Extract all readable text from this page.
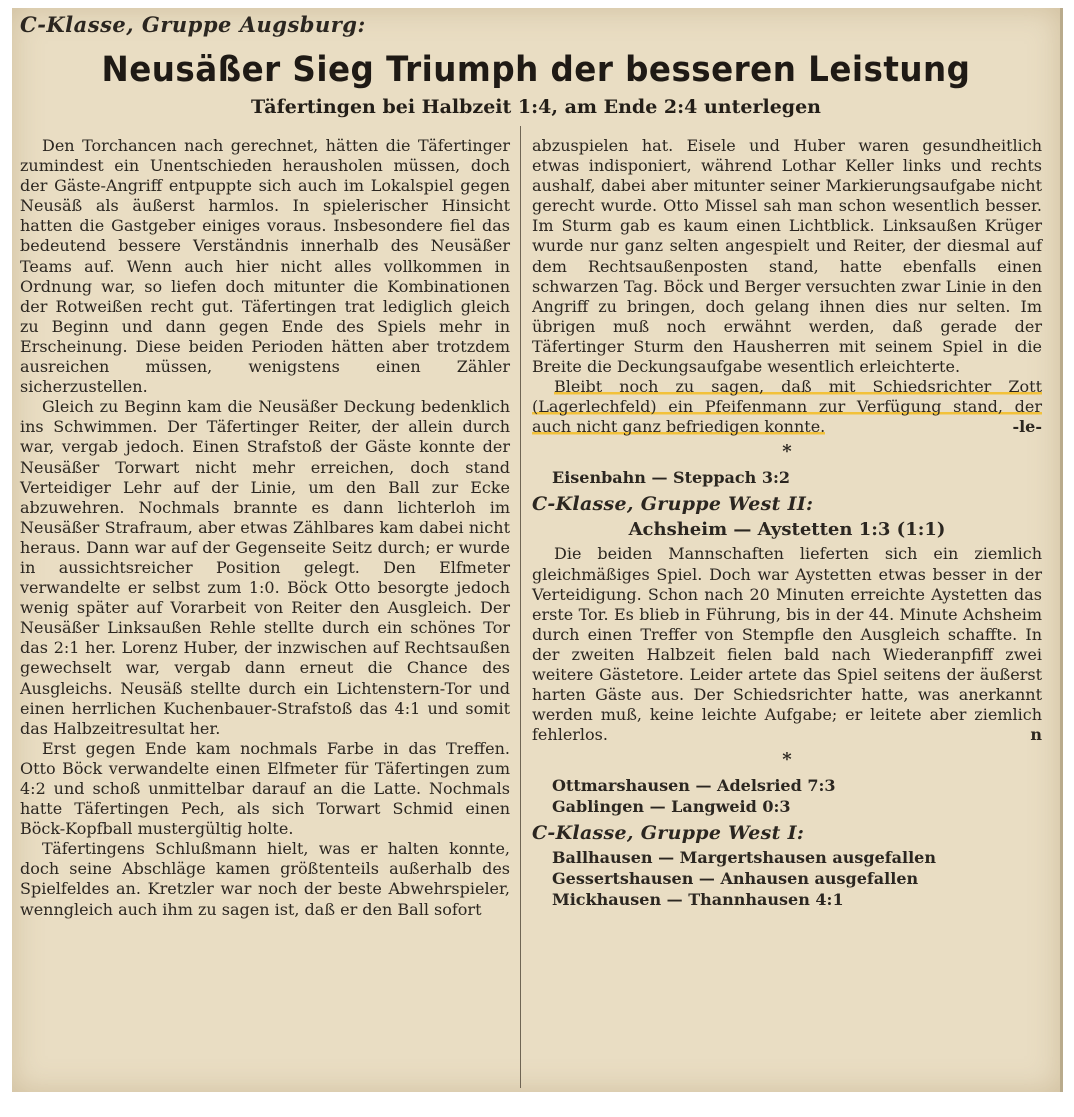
C-Klasse, Gruppe Augsburg:
Neusäßer Sieg Triumph der besseren Leistung
Täfertingen bei Halbzeit 1:4, am Ende 2:4 unterlegen

Den Torchancen nach gerechnet, hätten die Täfertinger zumindest ein Unentschieden herausholen müssen, doch der Gäste-Angriff entpuppte sich auch im Lokalspiel gegen Neusäß als äußerst harmlos. In spielerischer Hinsicht hatten die Gastgeber einiges voraus. Insbesondere fiel das bedeutend bessere Verständnis innerhalb des Neusäßer Teams auf. Wenn auch hier nicht alles vollkommen in Ordnung war, so liefen doch mitunter die Kombinationen der Rotweißen recht gut. Täfertingen trat lediglich gleich zu Beginn und dann gegen Ende des Spiels mehr in Erscheinung. Diese beiden Perioden hätten aber trotzdem ausreichen müssen, wenigstens einen Zähler sicherzustellen.

Gleich zu Beginn kam die Neusäßer Deckung bedenklich ins Schwimmen. Der Täfertinger Reiter, der allein durch war, vergab jedoch. Einen Strafstoß der Gäste konnte der Neusäßer Torwart nicht mehr erreichen, doch stand Verteidiger Lehr auf der Linie, um den Ball zur Ecke abzuwehren. Nochmals brannte es dann lichterloh im Neusäßer Strafraum, aber etwas Zählbares kam dabei nicht heraus. Dann war auf der Gegenseite Seitz durch; er wurde in aussichtsreicher Position gelegt. Den Elfmeter verwandelte er selbst zum 1:0. Böck Otto besorgte jedoch wenig später auf Vorarbeit von Reiter den Ausgleich. Der Neusäßer Linksaußen Rehle stellte durch ein schönes Tor das 2:1 her. Lorenz Huber, der inzwischen auf Rechtsaußen gewechselt war, vergab dann erneut die Chance des Ausgleichs. Neusäß stellte durch ein Lichtenstern-Tor und einen herrlichen Kuchenbauer-Strafstoß das 4:1 und somit das Halbzeitresultat her.

Erst gegen Ende kam nochmals Farbe in das Treffen. Otto Böck verwandelte einen Elfmeter für Täfertingen zum 4:2 und schoß unmittelbar darauf an die Latte. Nochmals hatte Täfertingen Pech, als sich Torwart Schmid einen Böck-Kopfball mustergültig holte.

Täfertingens Schlußmann hielt, was er halten konnte, doch seine Abschläge kamen größtenteils außerhalb des Spielfeldes an. Kretzler war noch der beste Abwehrspieler, wenngleich auch ihm zu sagen ist, daß er den Ball sofort

abzuspielen hat. Eisele und Huber waren gesundheitlich etwas indisponiert, während Lothar Keller links und rechts aushalf, dabei aber mitunter seiner Markierungsaufgabe nicht gerecht wurde. Otto Missel sah man schon wesentlich besser. Im Sturm gab es kaum einen Lichtblick. Linksaußen Krüger wurde nur ganz selten angespielt und Reiter, der diesmal auf dem Rechtsaußenposten stand, hatte ebenfalls einen schwarzen Tag. Böck und Berger versuchten zwar Linie in den Angriff zu bringen, doch gelang ihnen dies nur selten. Im übrigen muß noch erwähnt werden, daß gerade der Täfertinger Sturm den Hausherren mit seinem Spiel in die Breite die Deckungsaufgabe wesentlich erleichterte.

Bleibt noch zu sagen, daß mit Schiedsrichter Zott (Lagerlechfeld) ein Pfeifenmann zur Verfügung stand, der auch nicht ganz befriedigen konnte.	-le-

*
Eisenbahn — Steppach 3:2
C-Klasse, Gruppe West II:
Achsheim — Aystetten 1:3 (1:1)

Die beiden Mannschaften lieferten sich ein ziemlich gleichmäßiges Spiel. Doch war Aystetten etwas besser in der Verteidigung. Schon nach 20 Minuten erreichte Aystetten das erste Tor. Es blieb in Führung, bis in der 44. Minute Achsheim durch einen Treffer von Stempfle den Ausgleich schaffte. In der zweiten Halbzeit fielen bald nach Wiederanpfiff zwei weitere Gästetore. Leider artete das Spiel seitens der äußerst harten Gäste aus. Der Schiedsrichter hatte, was anerkannt werden muß, keine leichte Aufgabe; er leitete aber ziemlich fehlerlos.	n

*
Ottmarshausen — Adelsried 7:3
Gablingen — Langweid 0:3
C-Klasse, Gruppe West I:
Ballhausen — Margertshausen ausgefallen
Gessertshausen — Anhausen ausgefallen
Mickhausen — Thannhausen 4:1
